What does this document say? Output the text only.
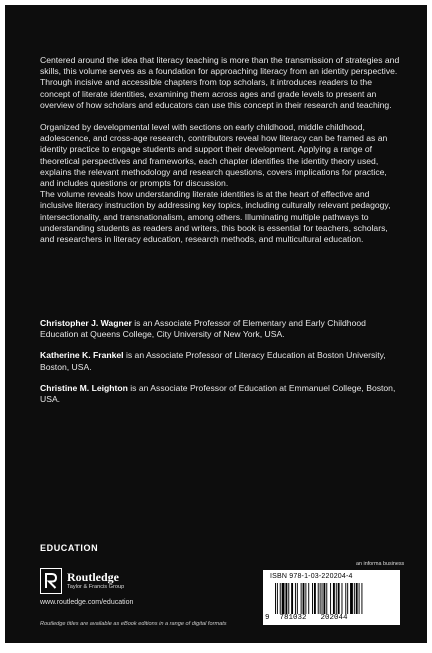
Centered around the idea that literacy teaching is more than the transmission of strategies and skills, this volume serves as a foundation for approaching literacy from an identity perspective. Through incisive and accessible chapters from top scholars, it introduces readers to the concept of literate identities, examining them across ages and grade levels to present an overview of how scholars and educators can use this concept in their research and teaching.

Organized by developmental level with sections on early childhood, middle childhood, adolescence, and cross-age research, contributors reveal how literacy can be framed as an identity practice to engage students and support their development. Applying a range of theoretical perspectives and frameworks, each chapter identifies the identity theory used, explains the relevant methodology and research questions, covers implications for practice, and includes questions or prompts for discussion.

The volume reveals how understanding literate identities is at the heart of effective and inclusive literacy instruction by addressing key topics, including culturally relevant pedagogy, intersectionality, and transnationalism, among others. Illuminating multiple pathways to understanding students as readers and writers, this book is essential for teachers, scholars, and researchers in literacy education, research methods, and multicultural education.

Christopher J. Wagner is an Associate Professor of Elementary and Early Childhood Education at Queens College, City University of New York, USA.

Katherine K. Frankel is an Associate Professor of Literacy Education at Boston University, Boston, USA.

Christine M. Leighton is an Associate Professor of Education at Emmanuel College, Boston, USA.

EDUCATION
Routledge
Taylor & Francis Group
www.routledge.com/education
Routledge titles are available as eBook editions in a range of digital formats
an informa business
ISBN 978-1-03-220204-4
9 781032 202044
